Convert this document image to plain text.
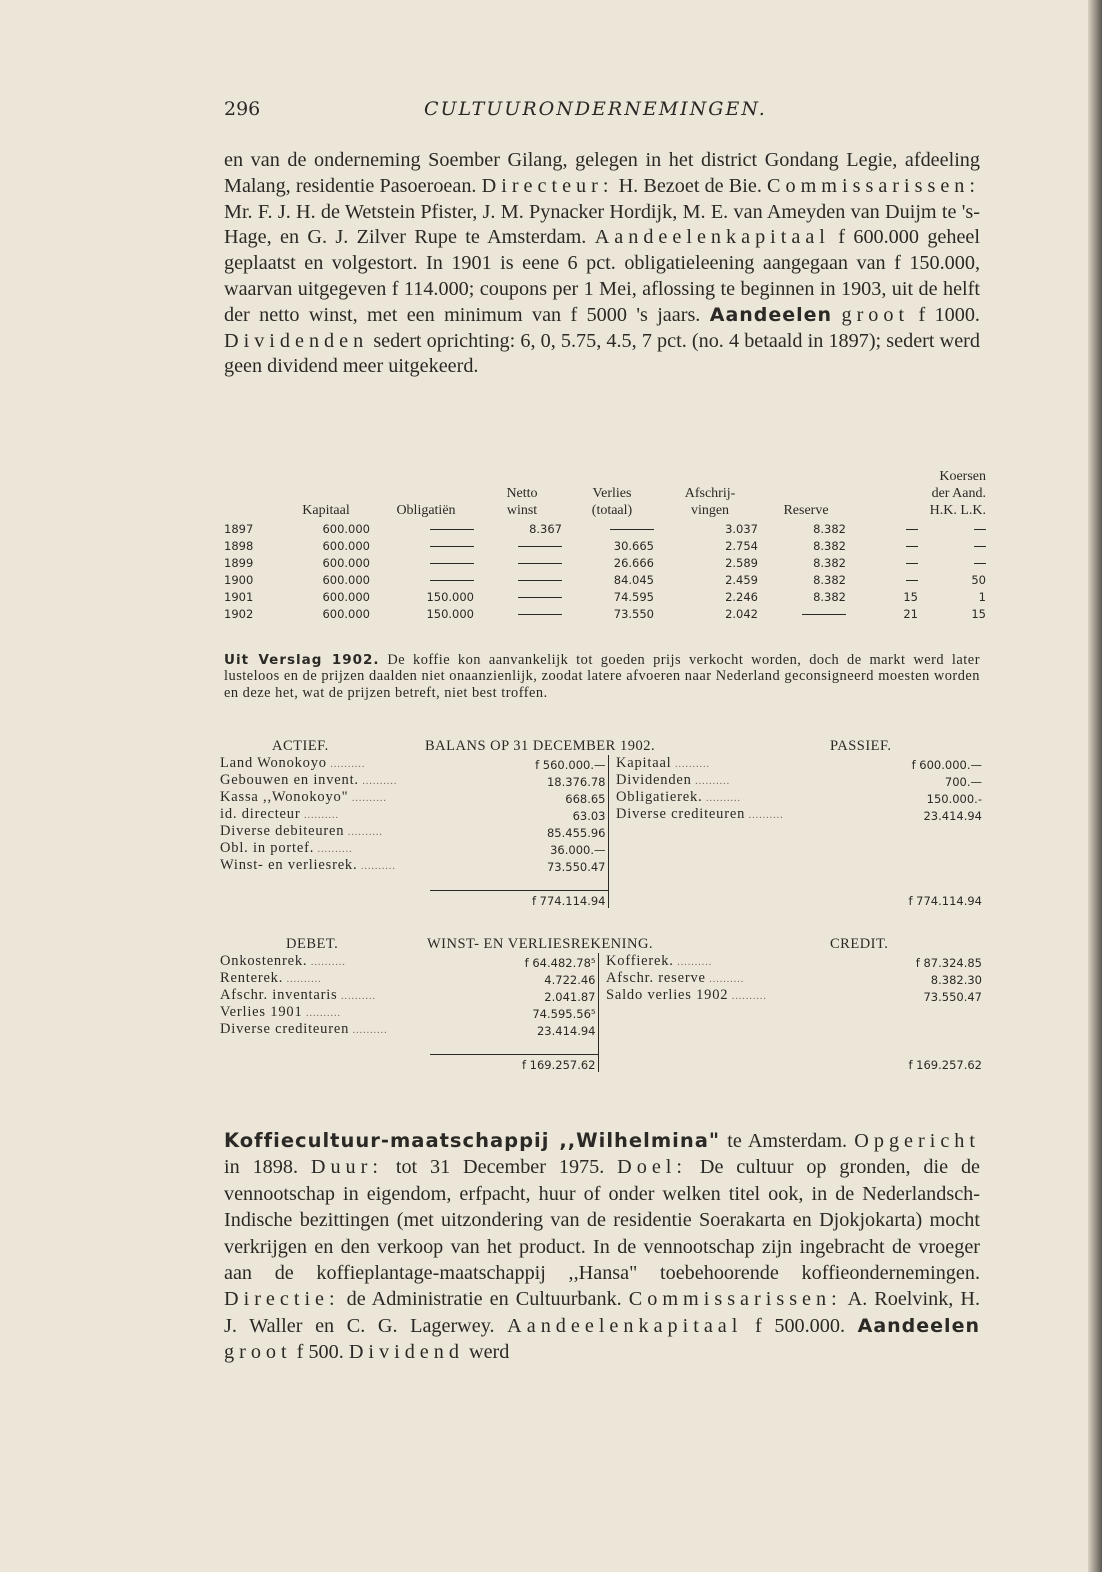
296	CULTUURONDERNEMINGEN.
en van de onderneming Soember Gilang, gelegen in het district Gondang Legie, afdeeling Malang, residentie Pasoeroean. Directeur: H. Bezoet de Bie. Commissarissen: Mr. F. J. H. de Wetstein Pfister, J. M. Pynacker Hordijk, M. E. van Ameyden van Duijm te 's-Hage, en G. J. Zilver Rupe te Amsterdam. Aandeelenkapitaal f 600.000 geheel geplaatst en volgestort. In 1901 is eene 6 pct. obligatieleening aangegaan van f 150.000, waarvan uitgegeven f 114.000; coupons per 1 Mei, aflossing te beginnen in 1903, uit de helft der netto winst, met een minimum van f 5000 's jaars. Aandeelen groot f 1000. Dividenden sedert oprichting: 6, 0, 5.75, 4.5, 7 pct. (no. 4 betaald in 1897); sedert werd geen dividend meer uitgekeerd.
							Koersen	
			Netto	Verlies	Afschrij-		der Aand.	
	Kapitaal	Obligatiën	winst	(totaal)	vingen	Reserve	H.K. L.K.	
1897	600.000		8.367		3.037	8.382		
1898	600.000			30.665	2.754	8.382		
1899	600.000			26.666	2.589	8.382		
1900	600.000			84.045	2.459	8.382		50
1901	600.000	150.000		74.595	2.246	8.382	15	1
1902	600.000	150.000		73.550	2.042		21	15
Uit Verslag 1902. De koffie kon aanvankelijk tot goeden prijs verkocht worden, doch de markt werd later lusteloos en de prijzen daalden niet onaanzienlijk, zoodat latere afvoeren naar Nederland geconsigneerd moesten worden en deze het, wat de prijzen betreft, niet best troffen.
ACTIEF. BALANS OP 31 DECEMBER 1902. PASSIEF.				

Land Wonokoyo ..........	f 560.000.—		Kapitaal ..........	f 600.000.—
Gebouwen en invent. ..........	18.376.78		Dividenden ..........	700.—
Kassa ,,Wonokoyo" ..........	668.65		Obligatierek. ..........	150.000.-
id. directeur ..........	63.03		Diverse crediteuren ..........	23.414.94
Diverse debiteuren ..........	85.455.96			
Obl. in portef. ..........	36.000.—			
Winst- en verliesrek. ..........	73.550.47			

	f 774.114.94			f 774.114.94
DEBET. WINST- EN VERLIESREKENING. CREDIT.				

Onkostenrek. ..........	f 64.482.78⁵		Koffierek. ..........	f 87.324.85
Renterek. ..........	4.722.46		Afschr. reserve ..........	8.382.30
Afschr. inventaris ..........	2.041.87		Saldo verlies 1902 ..........	73.550.47
Verlies 1901 ..........	74.595.56⁵			
Diverse crediteuren ..........	23.414.94			

	f 169.257.62			f 169.257.62
Koffiecultuur-maatschappij ,,Wilhelmina" te Amsterdam. Opgericht in 1898. Duur: tot 31 December 1975. Doel: De cultuur op gronden, die de vennootschap in eigendom, erfpacht, huur of onder welken titel ook, in de Nederlandsch-Indische bezittingen (met uitzondering van de residentie Soerakarta en Djokjokarta) mocht verkrijgen en den verkoop van het product. In de vennootschap zijn ingebracht de vroeger aan de koffieplantage-maatschappij ,,Hansa" toebehoorende koffieondernemingen. Directie: de Administratie en Cultuurbank. Commissarissen: A. Roelvink, H. J. Waller en C. G. Lagerwey. Aandeelenkapitaal f 500.000. Aandeelen groot f 500. Dividend werd
